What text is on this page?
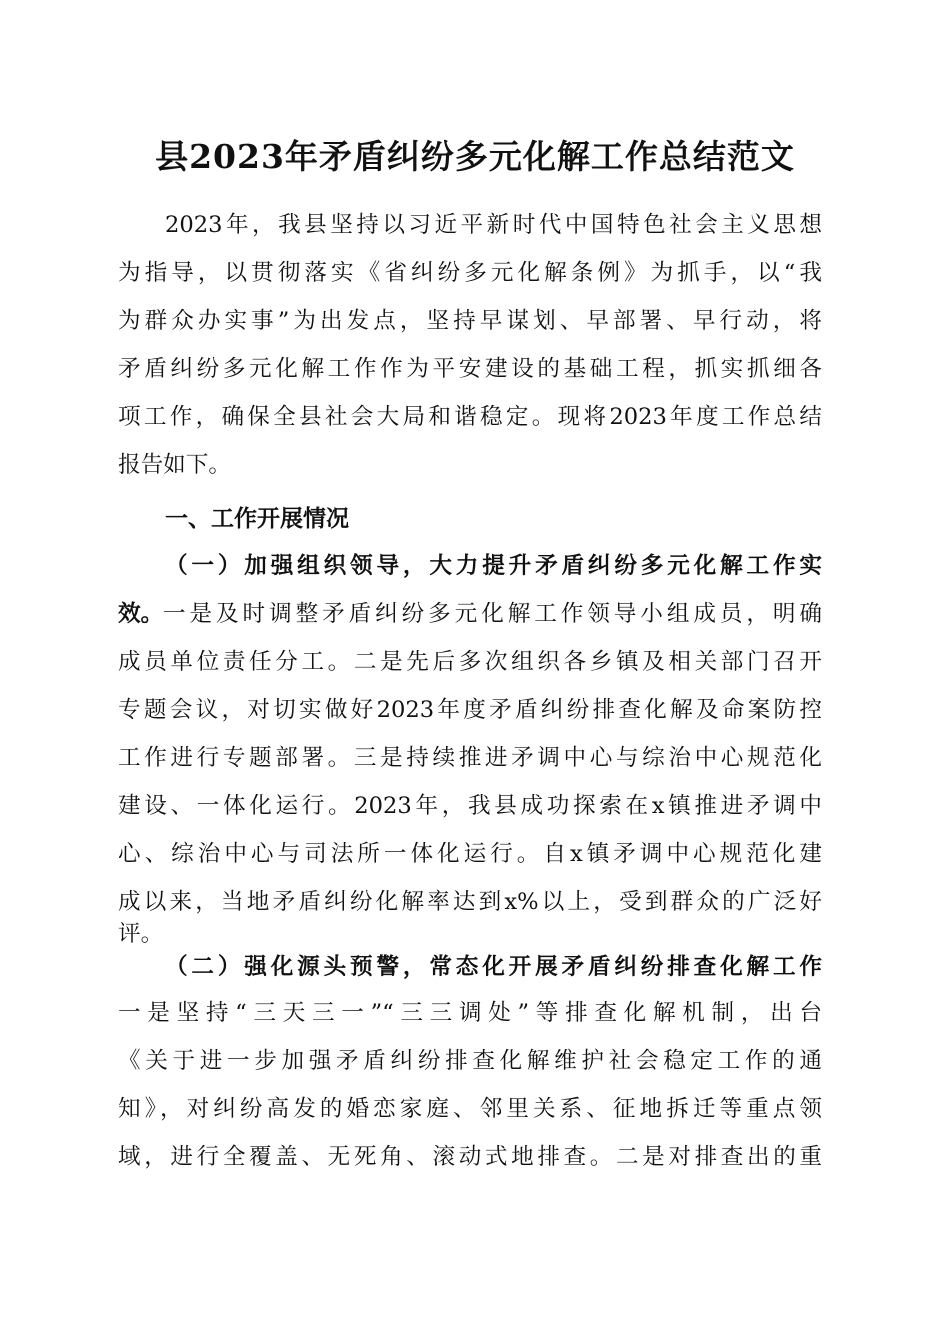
县2023年矛盾纠纷多元化解工作总结范文
2023年，我县坚持以习近平新时代中国特色社会主义思想
为指导，以贯彻落实《省纠纷多元化解条例》为抓手，以“我
为群众办实事”为出发点，坚持早谋划、早部署、早行动，将
矛盾纠纷多元化解工作作为平安建设的基础工程，抓实抓细各
项工作，确保全县社会大局和谐稳定。现将2023年度工作总结
报告如下。
一、工作开展情况
（一）加强组织领导，大力提升矛盾纠纷多元化解工作实
效。 一是及时调整矛盾纠纷多元化解工作领导小组成员，明确
成员单位责任分工。二是先后多次组织各乡镇及相关部门召开
专题会议，对切实做好2023年度矛盾纠纷排查化解及命案防控
工作进行专题部署。三是持续推进矛调中心与综治中心规范化
建设、一体化运行。2023年，我县成功探索在x镇推进矛调中
心、综治中心与司法所一体化运行。自x镇矛调中心规范化建
成以来，当地矛盾纠纷化解率达到x%以上，受到群众的广泛好
评。
（二）强化源头预警，常态化开展矛盾纠纷排查化解工作
一是坚持“三天三一”“三三调处”等排查化解机制，出台
《关于进一步加强矛盾纠纷排查化解维护社会稳定工作的通
知》，对纠纷高发的婚恋家庭、邻里关系、征地拆迁等重点领
域，进行全覆盖、无死角、滚动式地排查。二是对排查出的重
